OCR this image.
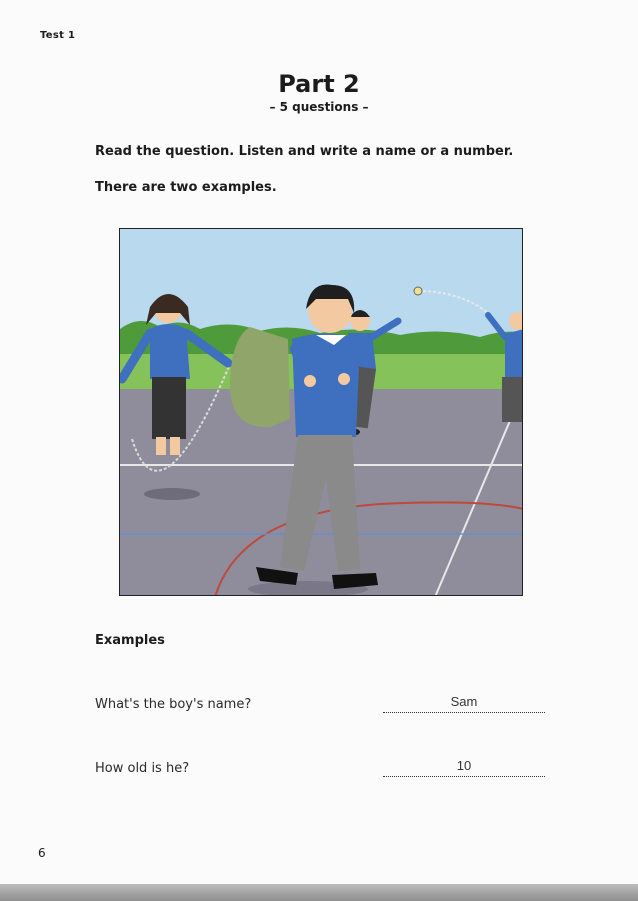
Test 1
Part 2
– 5 questions –
Read the question. Listen and write a name or a number.
There are two examples.
Examples
What's the boy's name?	Sam
How old is he?	10
6
